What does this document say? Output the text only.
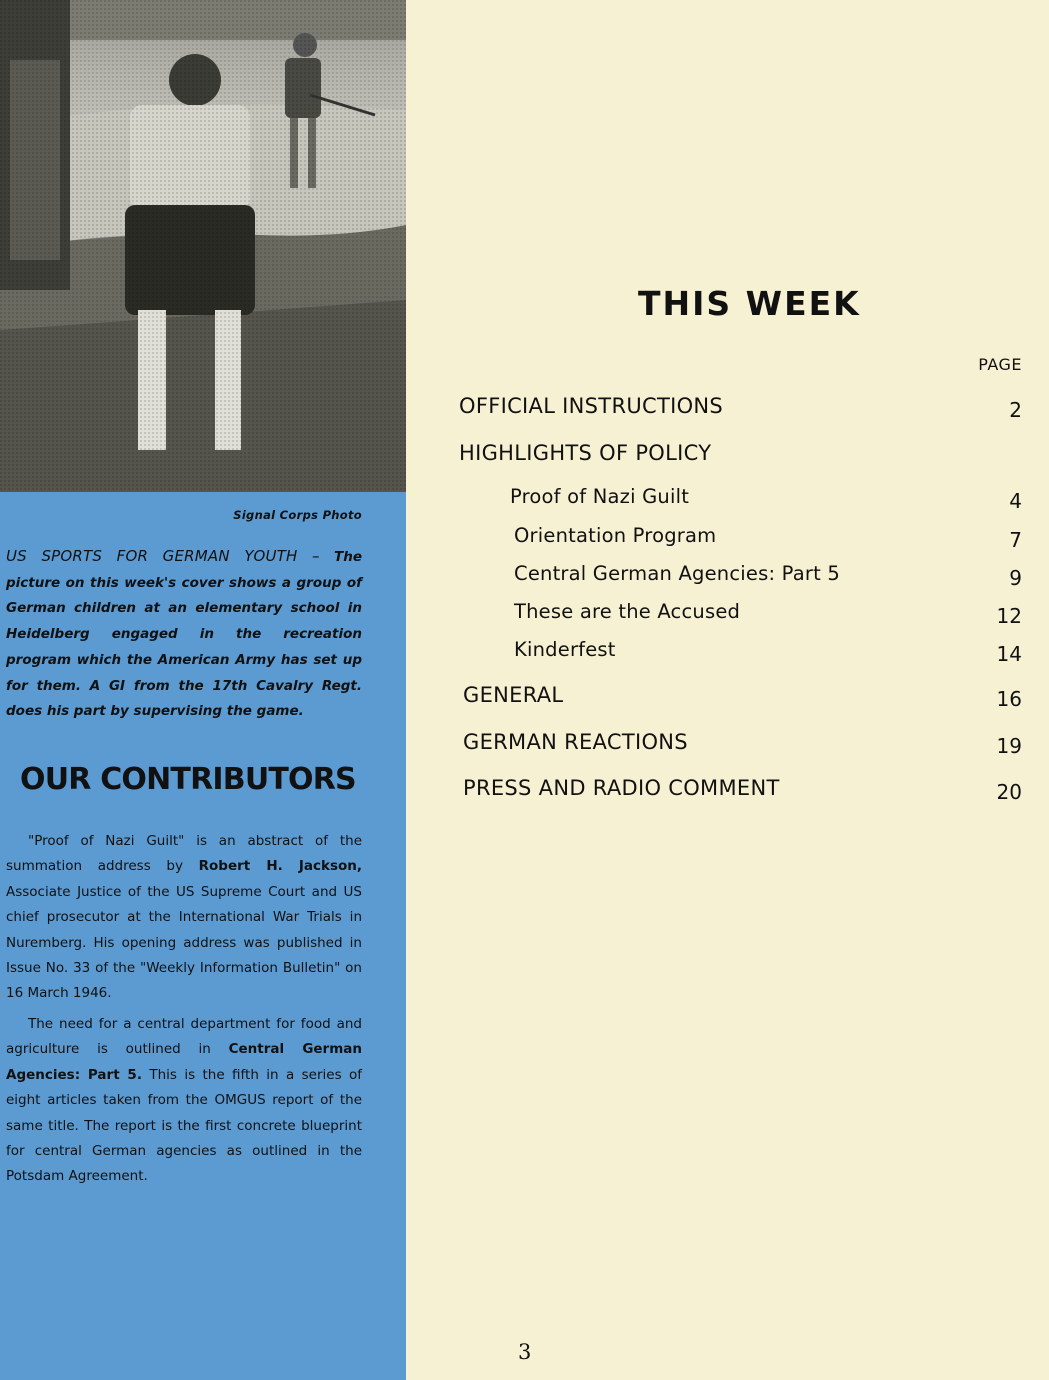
Signal Corps Photo
US SPORTS FOR GERMAN YOUTH – The picture on this week's cover shows a group of German children at an elementary school in Heidelberg engaged in the recreation program which the American Army has set up for them. A GI from the 17th Cavalry Regt. does his part by supervising the game.
OUR CONTRIBUTORS

"Proof of Nazi Guilt" is an abstract of the summation address by Robert H. Jackson, Associate Justice of the US Supreme Court and US chief prosecutor at the International War Trials in Nuremberg. His opening address was published in Issue No. 33 of the "Weekly Information Bulletin" on 16 March 1946.

The need for a central department for food and agriculture is outlined in Central German Agencies: Part 5. This is the fifth in a series of eight articles taken from the OMGUS report of the same title. The report is the first concrete blueprint for central German agencies as outlined in the Potsdam Agreement.

THIS WEEK
PAGE
OFFICIAL INSTRUCTIONS	2
HIGHLIGHTS OF POLICY
Proof of Nazi Guilt	4
Orientation Program	7
Central German Agencies: Part 5	9
These are the Accused	12
Kinderfest	14
GENERAL	16
GERMAN REACTIONS	19
PRESS AND RADIO COMMENT	20
3
